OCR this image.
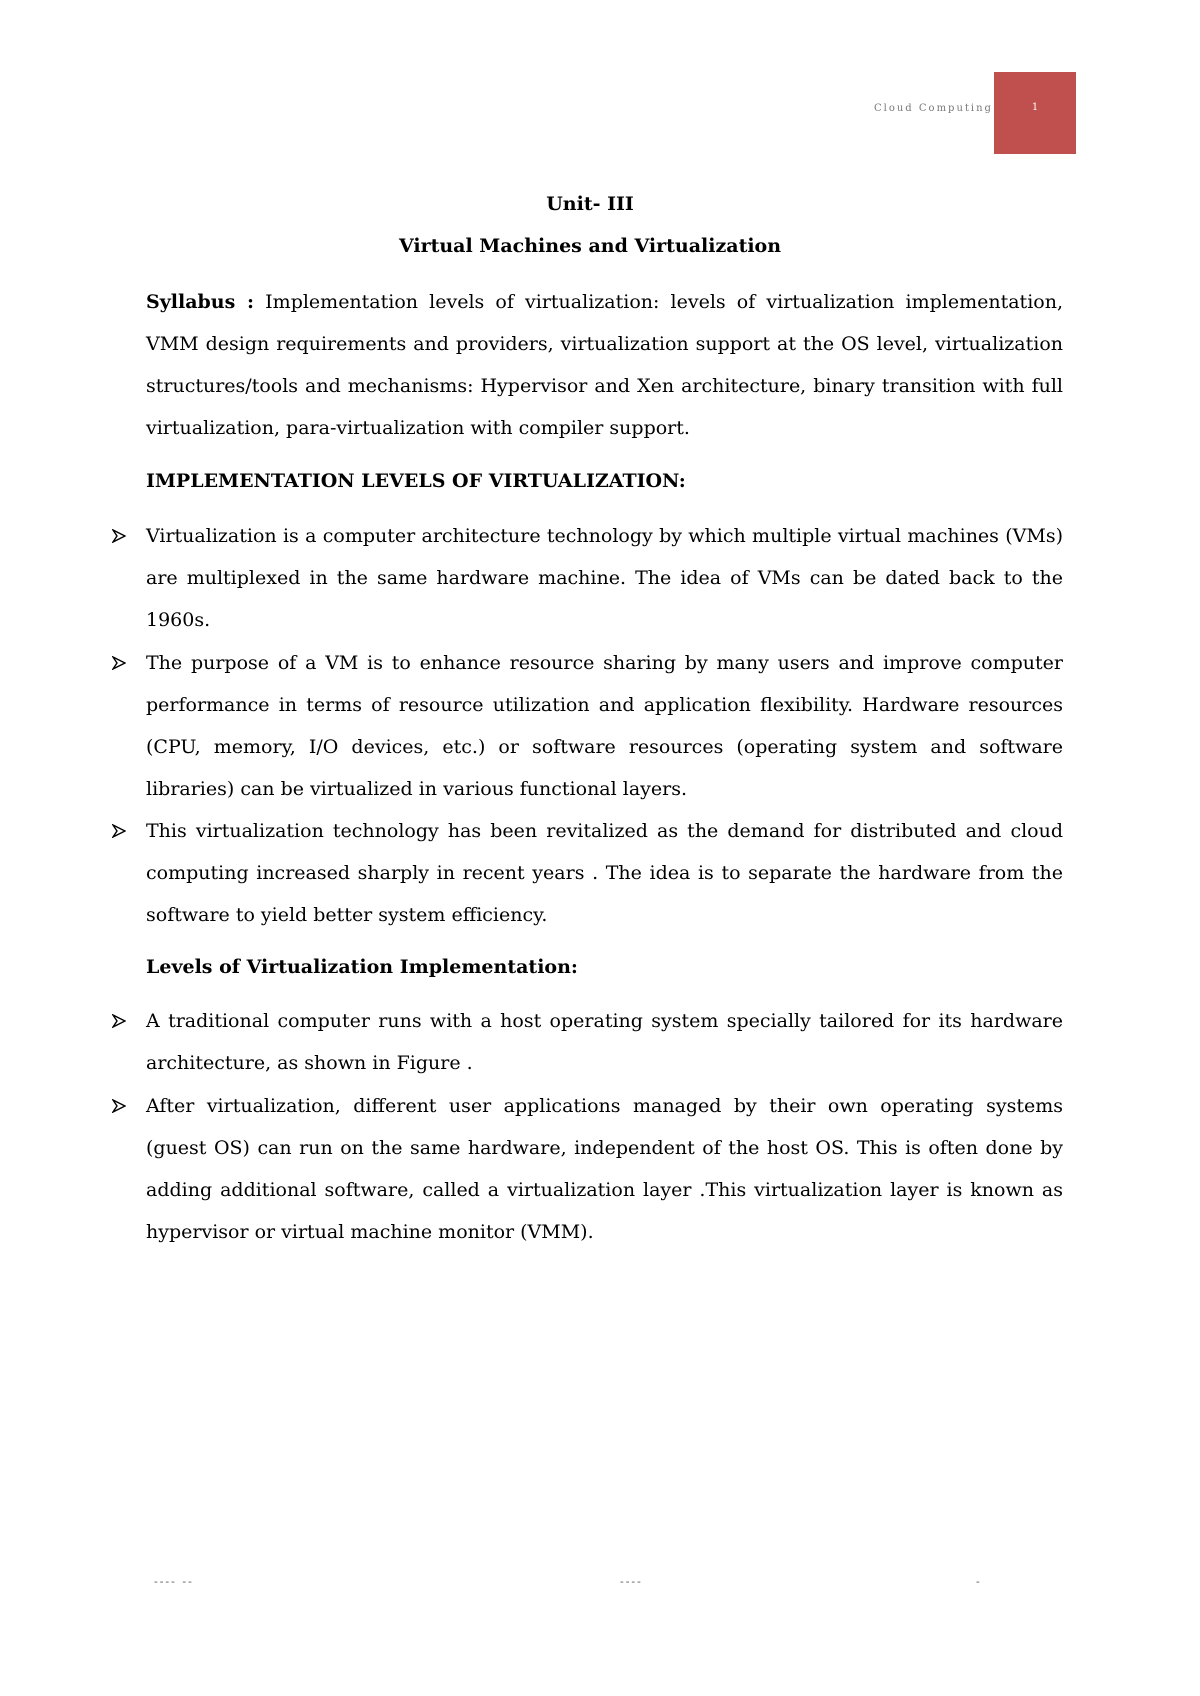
Cloud Computing	1
Unit- III
Virtual Machines and Virtualization

Syllabus : Implementation levels of virtualization: levels of virtualization implementation, VMM design requirements and providers, virtualization support at the OS level, virtualization structures/tools and mechanisms: Hypervisor and Xen architecture, binary transition with full virtualization, para-virtualization with compiler support.

IMPLEMENTATION LEVELS OF VIRTUALIZATION:

Virtualization is a computer architecture technology by which multiple virtual machines (VMs) are multiplexed in the same hardware machine. The idea of VMs can be dated back to the 1960s.

The purpose of a VM is to enhance resource sharing by many users and improve computer performance in terms of resource utilization and application flexibility. Hardware resources (CPU, memory, I/O devices, etc.) or software resources (operating system and software libraries) can be virtualized in various functional layers.

This virtualization technology has been revitalized as the demand for distributed and cloud computing increased sharply in recent years . The idea is to separate the hardware from the software to yield better system efficiency.

Levels of Virtualization Implementation:

A traditional computer runs with a host operating system specially tailored for its hardware architecture, as shown in Figure .

After virtualization, different user applications managed by their own operating systems (guest OS) can run on the same hardware, independent of the host OS. This is often done by adding additional software, called a virtualization layer .This virtualization layer is known as hypervisor or virtual machine monitor (VMM).

---- --	----	-
